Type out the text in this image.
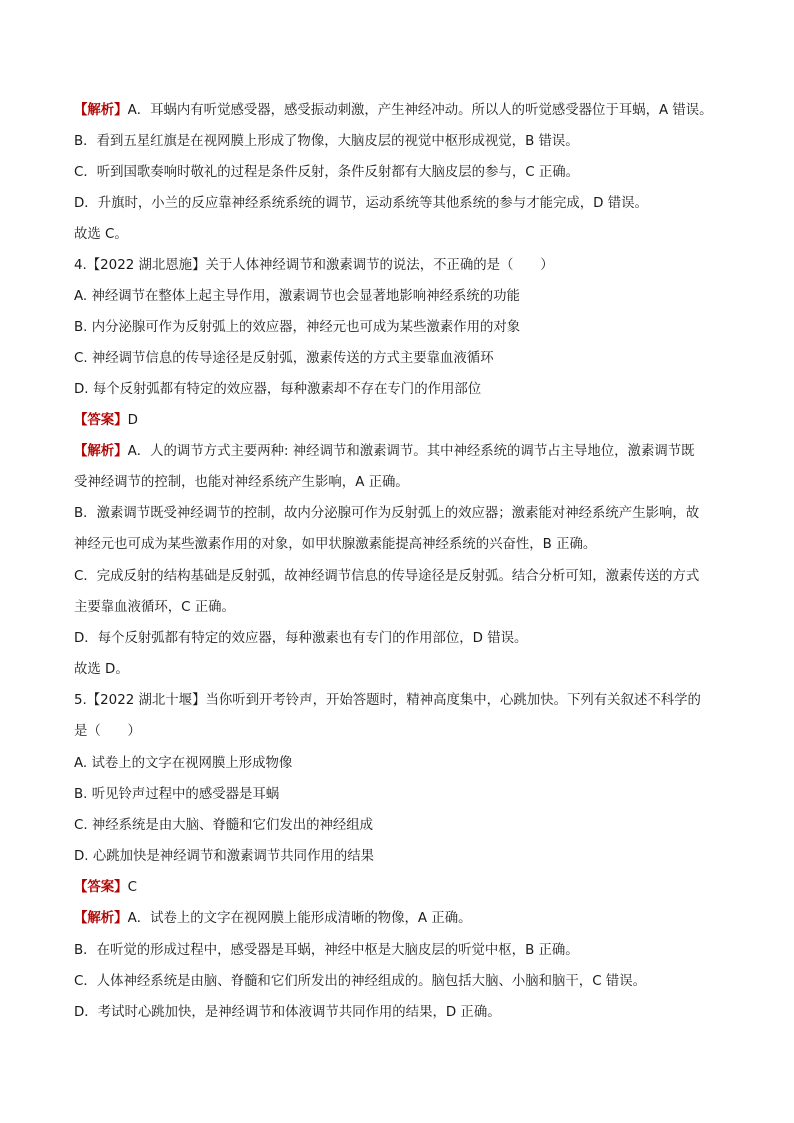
【解析】A．耳蜗内有听觉感受器，感受振动刺激，产生神经冲动。所以人的听觉感受器位于耳蜗，A 错误。
B．看到五星红旗是在视网膜上形成了物像，大脑皮层的视觉中枢形成视觉，B 错误。
C．听到国歌奏响时敬礼的过程是条件反射，条件反射都有大脑皮层的参与，C 正确。
D．升旗时，小兰的反应靠神经系统系统的调节，运动系统等其他系统的参与才能完成，D 错误。
故选 C。
4.【2022 湖北恩施】关于人体神经调节和激素调节的说法，不正确的是（　　）
A. 神经调节在整体上起主导作用，激素调节也会显著地影响神经系统的功能
B. 内分泌腺可作为反射弧上的效应器，神经元也可成为某些激素作用的对象
C. 神经调节信息的传导途径是反射弧，激素传送的方式主要靠血液循环
D. 每个反射弧都有特定的效应器，每种激素却不存在专门的作用部位
【答案】D
【解析】A．人的调节方式主要两种: 神经调节和激素调节。其中神经系统的调节占主导地位，激素调节既
受神经调节的控制，也能对神经系统产生影响，A 正确。
B．激素调节既受神经调节的控制，故内分泌腺可作为反射弧上的效应器；激素能对神经系统产生影响，故
神经元也可成为某些激素作用的对象，如甲状腺激素能提高神经系统的兴奋性，B 正确。
C．完成反射的结构基础是反射弧，故神经调节信息的传导途径是反射弧。结合分析可知，激素传送的方式
主要靠血液循环，C 正确。
D．每个反射弧都有特定的效应器，每种激素也有专门的作用部位，D 错误。
故选 D。
5.【2022 湖北十堰】当你听到开考铃声，开始答题时，精神高度集中，心跳加快。下列有关叙述不科学的
是（　　）
A. 试卷上的文字在视网膜上形成物像
B. 听见铃声过程中的感受器是耳蜗
C. 神经系统是由大脑、脊髓和它们发出的神经组成
D. 心跳加快是神经调节和激素调节共同作用的结果
【答案】C
【解析】A．试卷上的文字在视网膜上能形成清晰的物像，A 正确。
B．在听觉的形成过程中，感受器是耳蜗，神经中枢是大脑皮层的听觉中枢，B 正确。
C．人体神经系统是由脑、脊髓和它们所发出的神经组成的。脑包括大脑、小脑和脑干，C 错误。
D．考试时心跳加快，是神经调节和体液调节共同作用的结果，D 正确。
